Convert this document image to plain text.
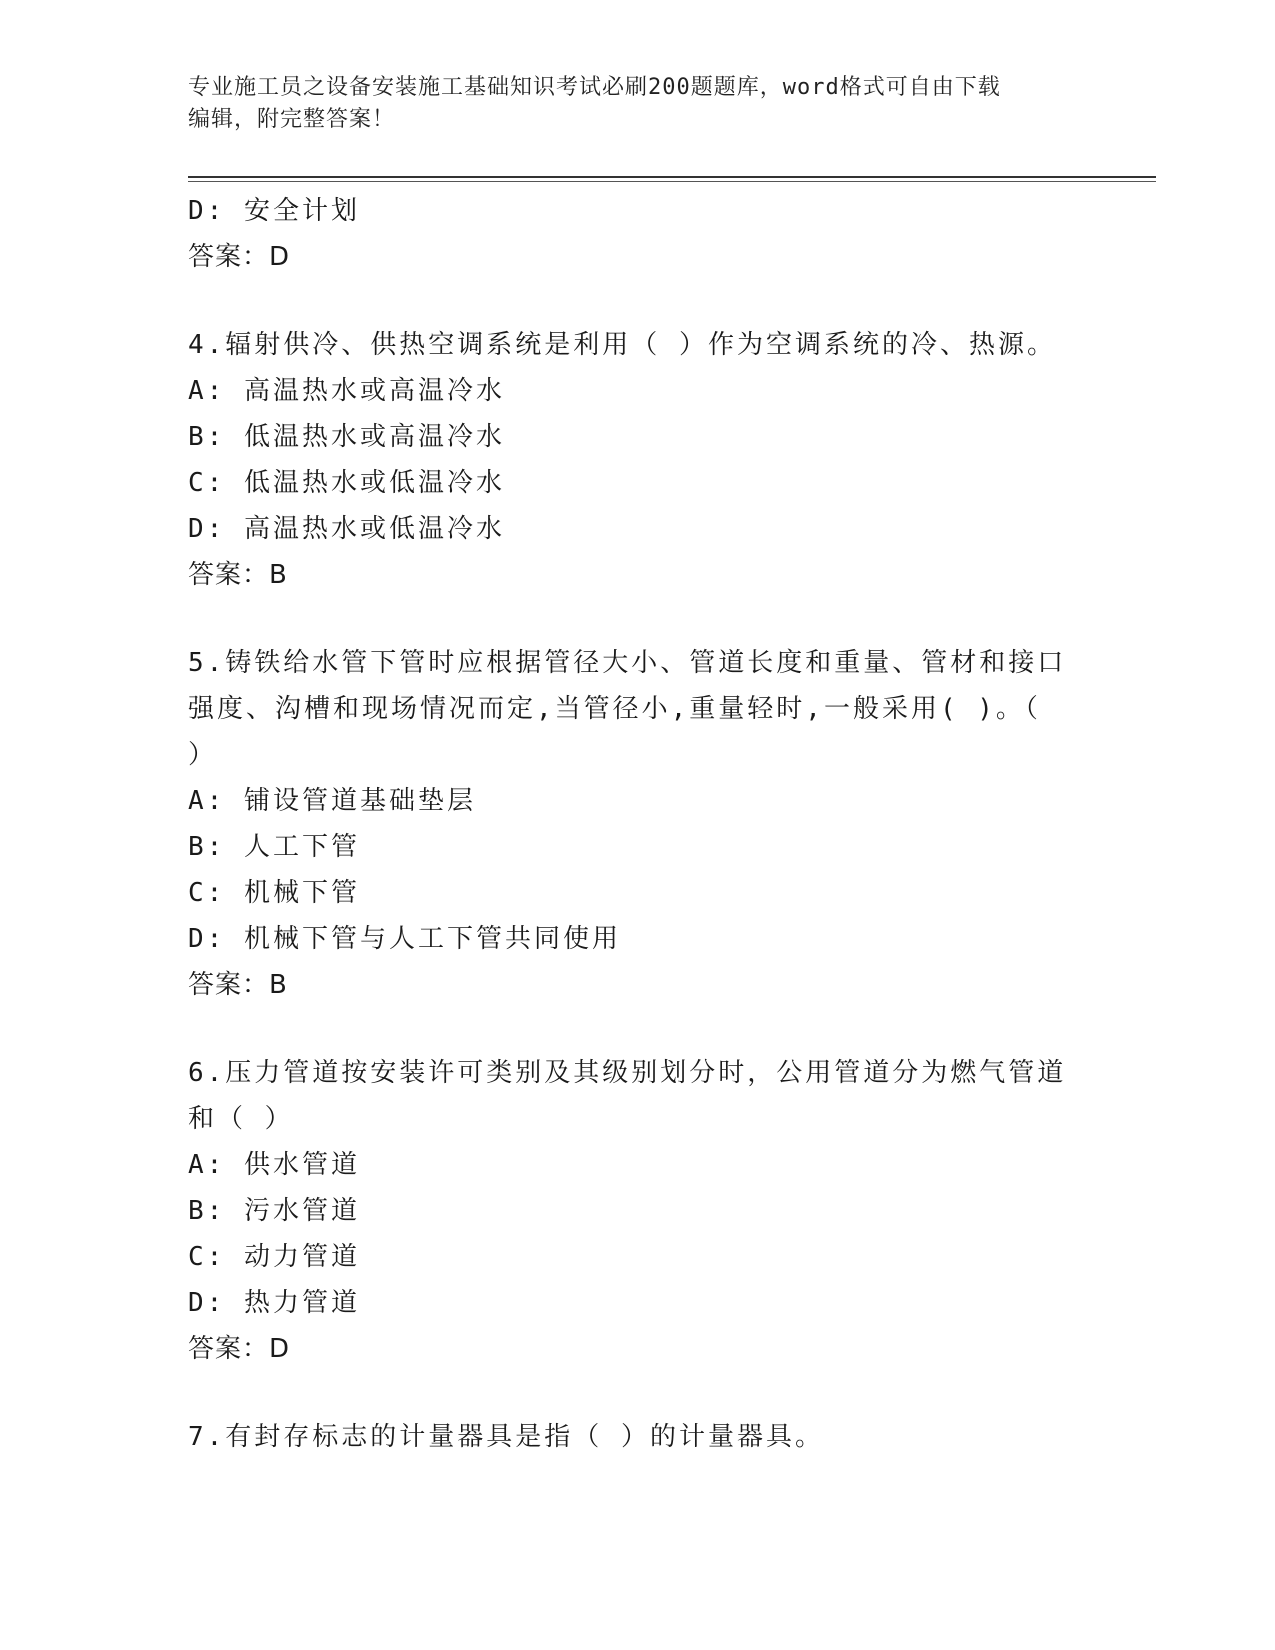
专业施工员之设备安装施工基础知识考试必刷200题题库，word格式可自由下载
编辑，附完整答案！
D: 安全计划
答案：D
4.辐射供冷、供热空调系统是利用（ ）作为空调系统的冷、热源。
A: 高温热水或高温冷水
B: 低温热水或高温冷水
C: 低温热水或低温冷水
D: 高温热水或低温冷水
答案：B
5.铸铁给水管下管时应根据管径大小、管道长度和重量、管材和接口
强度、沟槽和现场情况而定,当管径小,重量轻时,一般采用( )。（
）
A: 铺设管道基础垫层
B: 人工下管
C: 机械下管
D: 机械下管与人工下管共同使用
答案：B
6.压力管道按安装许可类别及其级别划分时，公用管道分为燃气管道
和（ ）
A: 供水管道
B: 污水管道
C: 动力管道
D: 热力管道
答案：D
7.有封存标志的计量器具是指（ ）的计量器具。
